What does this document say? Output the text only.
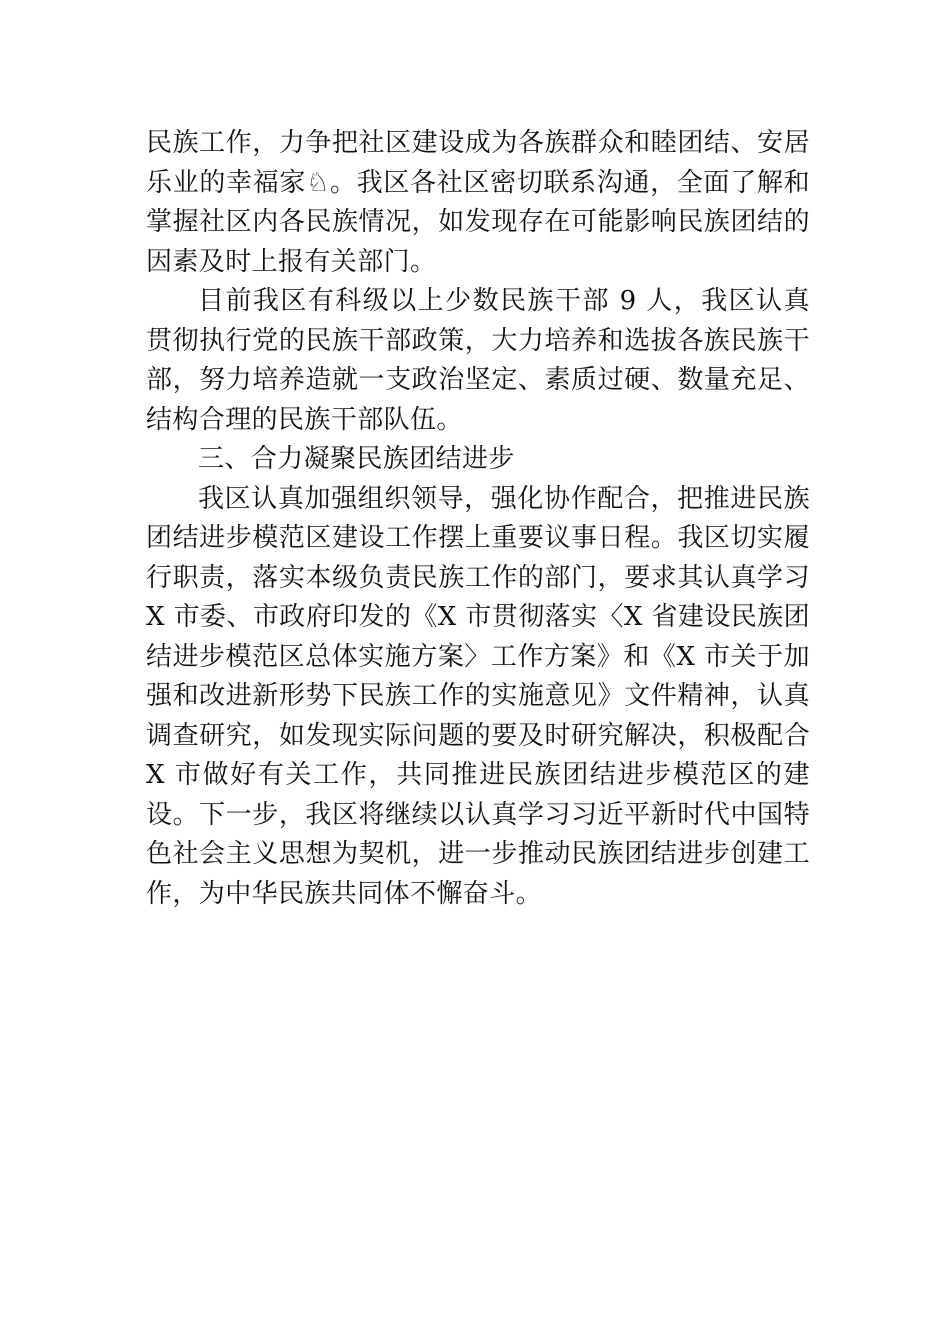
民族工作，力争把社区建设成为各族群众和睦团结、安居乐业的幸福家♘。我区各社区密切联系沟通，全面了解和掌握社区内各民族情况，如发现存在可能影响民族团结的因素及时上报有关部门。

目前我区有科级以上少数民族干部 9 人，我区认真贯彻执行党的民族干部政策，大力培养和选拔各族民族干部，努力培养造就一支政治坚定、素质过硬、数量充足、结构合理的民族干部队伍。

三、合力凝聚民族团结进步

我区认真加强组织领导，强化协作配合，把推进民族团结进步模范区建设工作摆上重要议事日程。我区切实履行职责，落实本级负责民族工作的部门，要求其认真学习 X 市委、市政府印发的《X 市贯彻落实〈X 省建设民族团结进步模范区总体实施方案〉工作方案》和《X 市关于加强和改进新形势下民族工作的实施意见》文件精神，认真调查研究，如发现实际问题的要及时研究解决，积极配合 X 市做好有关工作，共同推进民族团结进步模范区的建设。下一步，我区将继续以认真学习习近平新时代中国特色社会主义思想为契机，进一步推动民族团结进步创建工作，为中华民族共同体不懈奋斗。
